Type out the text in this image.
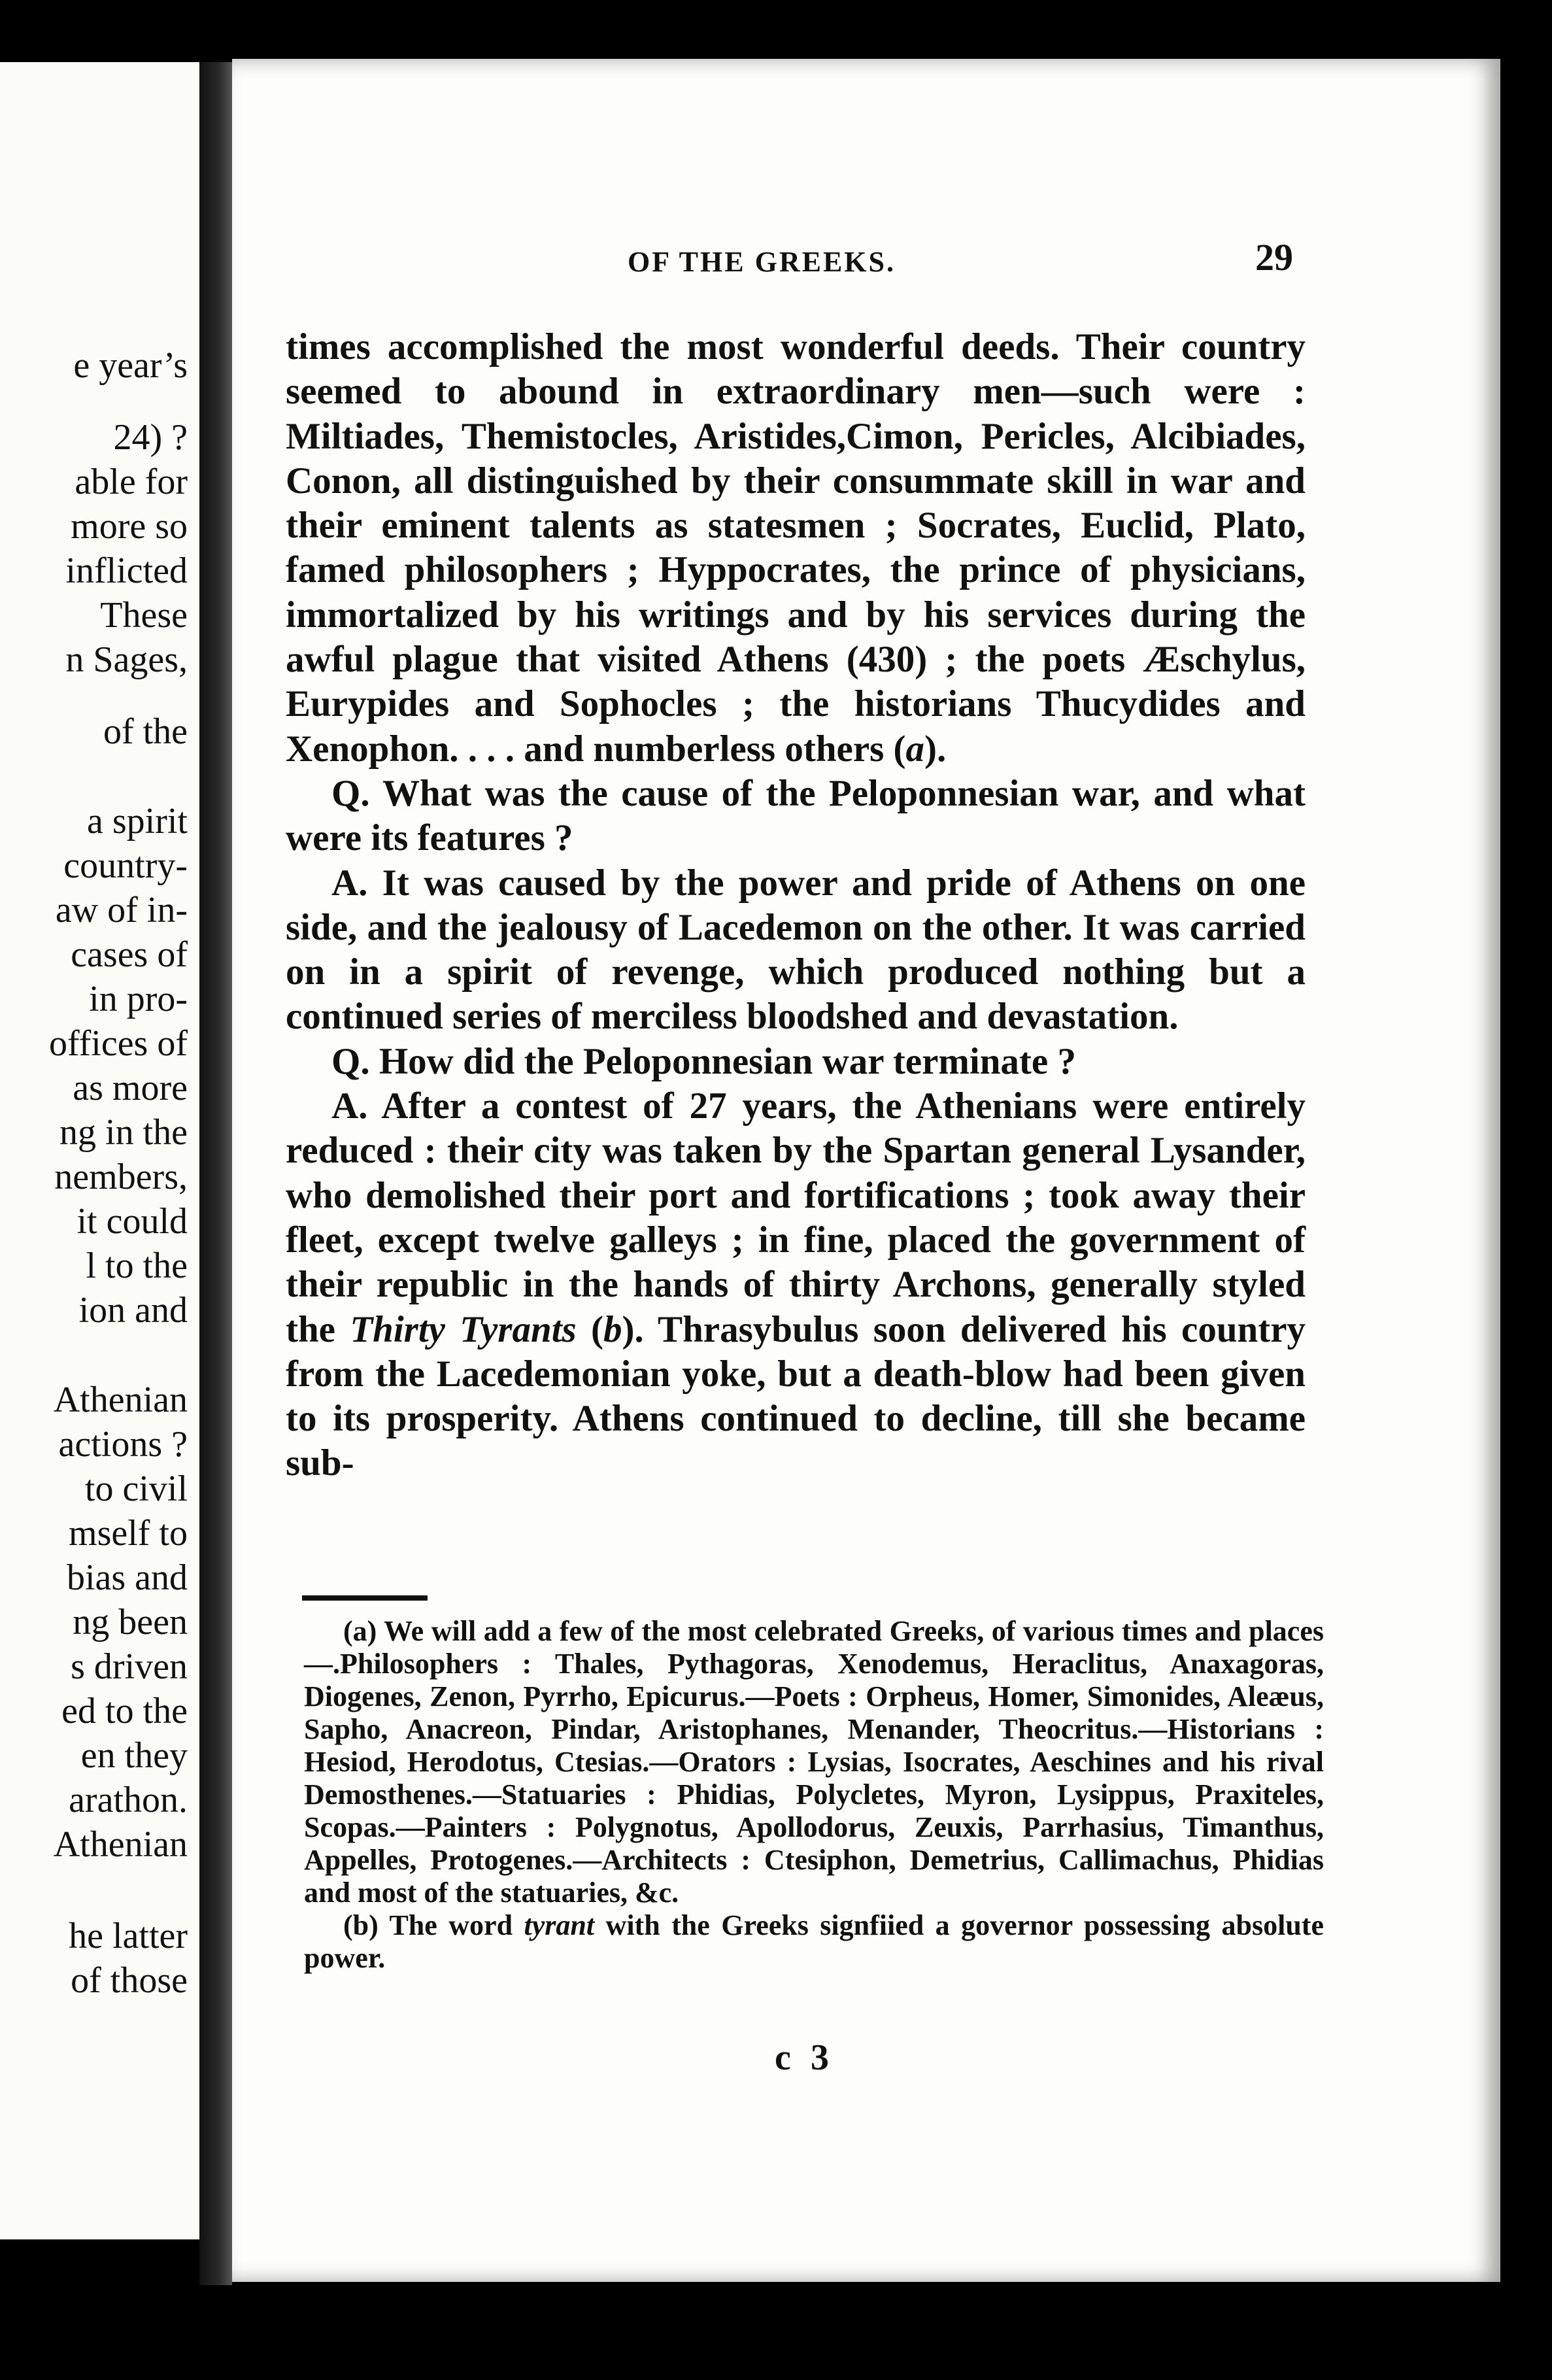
e year’s
24) ?
able for
more so
inflicted
These
n Sages,
of the
a spirit
country-
aw of in-
cases of
in pro-
offices of
as more
ng in the
nembers,
it could
l to the
ion and
Athenian
actions ?
to civil
mself to
bias and
ng been
s driven
ed to the
en they
arathon.
Athenian
he latter
of those
OF THE GREEKS.	29

times accomplished the most wonderful deeds. Their country seemed to abound in extraordinary men—such were : Miltiades, Themistocles, Aristides,Cimon, Pericles, Alcibiades, Conon, all distinguished by their consummate skill in war and their eminent talents as statesmen ; Socrates, Euclid, Plato, famed philosophers ; Hyppocrates, the prince of physicians, immortalized by his writings and by his services during the awful plague that visited Athens (430) ; the poets Æschylus, Eurypides and Sophocles ; the historians Thucydides and Xenophon. . . . and numberless others (a).

Q. What was the cause of the Peloponnesian war, and what were its features ?

A. It was caused by the power and pride of Athens on one side, and the jealousy of Lacedemon on the other. It was carried on in a spirit of revenge, which produced nothing but a continued series of merciless bloodshed and devastation.

Q. How did the Peloponnesian war terminate ?

A. After a contest of 27 years, the Athenians were entirely reduced : their city was taken by the Spartan general Lysander, who demolished their port and fortifications ; took away their fleet, except twelve galleys ; in fine, placed the government of their republic in the hands of thirty Archons, generally styled the Thirty Tyrants (b). Thrasybulus soon delivered his country from the Lacedemonian yoke, but a death-blow had been given to its prosperity. Athens continued to decline, till she became sub-

(a) We will add a few of the most celebrated Greeks, of various times and places—.Philosophers : Thales, Pythagoras, Xenodemus, Heraclitus, Anaxagoras, Diogenes, Zenon, Pyrrho, Epicurus.—Poets : Orpheus, Homer, Simonides, Aleæus, Sapho, Anacreon, Pindar, Aristophanes, Menander, Theocritus.—Historians : Hesiod, Herodotus, Ctesias.—Orators : Lysias, Isocrates, Aeschines and his rival Demosthenes.—Statuaries : Phidias, Polycletes, Myron, Lysippus, Praxiteles, Scopas.—Painters : Polygnotus, Apollodorus, Zeuxis, Parrhasius, Timanthus, Appelles, Protogenes.—Architects : Ctesiphon, Demetrius, Callimachus, Phidias and most of the statuaries, &c.

(b) The word tyrant with the Greeks signfiied a governor possessing absolute power.

c 3
